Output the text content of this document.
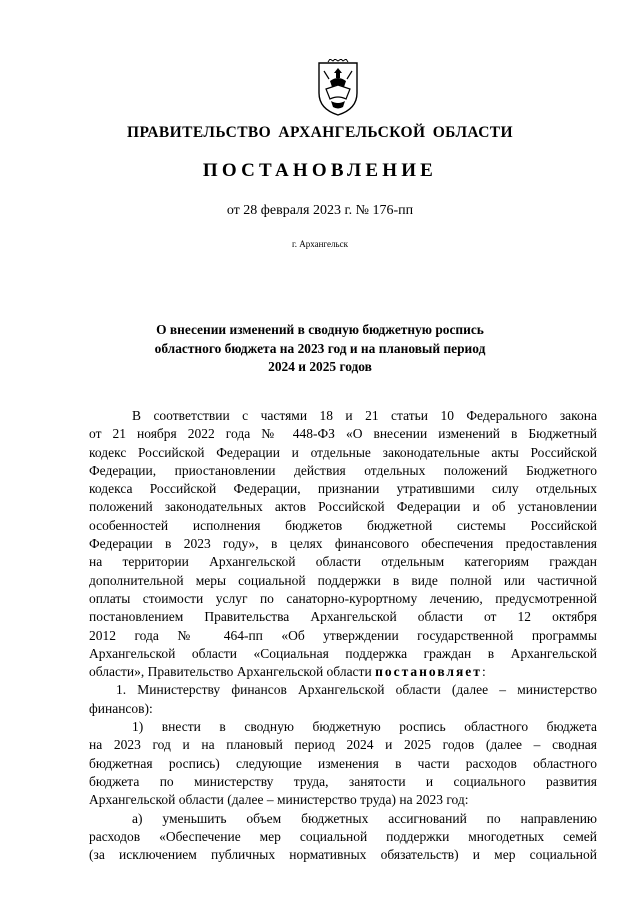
ПРАВИТЕЛЬСТВО АРХАНГЕЛЬСКОЙ ОБЛАСТИ
ПОСТАНОВЛЕНИЕ
от 28 февраля 2023 г. № 176-пп
г. Архангельск
О внесении изменений в сводную бюджетную роспись
областного бюджета на 2023 год и на плановый период
2024 и 2025 годов
В соответствии с частями 18 и 21 статьи 10 Федерального закона
от 21 ноября 2022 года № 448-ФЗ «О внесении изменений в Бюджетный
кодекс Российской Федерации и отдельные законодательные акты Российской
Федерации, приостановлении действия отдельных положений Бюджетного
кодекса Российской Федерации, признании утратившими силу отдельных
положений законодательных актов Российской Федерации и об установлении
особенностей исполнения бюджетов бюджетной системы Российской
Федерации в 2023 году», в целях финансового обеспечения предоставления
на территории Архангельской области отдельным категориям граждан
дополнительной меры социальной поддержки в виде полной или частичной
оплаты стоимости услуг по санаторно-курортному лечению, предусмотренной
постановлением Правительства Архангельской области от 12 октября
2012 года № 464-пп «Об утверждении государственной программы
Архангельской области «Социальная поддержка граждан в Архангельской
области», Правительство Архангельской области постановляет:
1. Министерству финансов Архангельской области (далее – министерство
финансов):
1) внести в сводную бюджетную роспись областного бюджета
на 2023 год и на плановый период 2024 и 2025 годов (далее – сводная
бюджетная роспись) следующие изменения в части расходов областного
бюджета по министерству труда, занятости и социального развития
Архангельской области (далее – министерство труда) на 2023 год:
а) уменьшить объем бюджетных ассигнований по направлению
расходов «Обеспечение мер социальной поддержки многодетных семей
(за исключением публичных нормативных обязательств) и мер социальной
